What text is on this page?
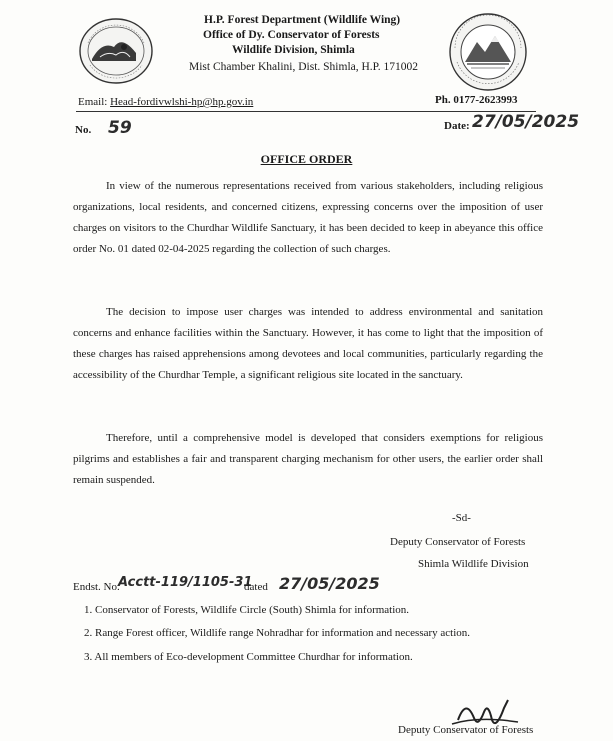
H.P. Forest Department (Wildlife Wing)
Office of Dy. Conservator of Forests
Wildlife Division, Shimla
Mist Chamber Khalini, Dist. Shimla, H.P. 171002
Email: Head-fordivwlshi-hp@hp.gov.in	Ph. 0177-2623993
No. 59	Date: 27/05/2025
OFFICE ORDER

In view of the numerous representations received from various stakeholders, including religious organizations, local residents, and concerned citizens, expressing concerns over the imposition of user charges on visitors to the Churdhar Wildlife Sanctuary, it has been decided to keep in abeyance this office order No. 01 dated 02-04-2025 regarding the collection of such charges.

The decision to impose user charges was intended to address environmental and sanitation concerns and enhance facilities within the Sanctuary. However, it has come to light that the imposition of these charges has raised apprehensions among devotees and local communities, particularly regarding the accessibility of the Churdhar Temple, a significant religious site located in the sanctuary.

Therefore, until a comprehensive model is developed that considers exemptions for religious pilgrims and establishes a fair and transparent charging mechanism for other users, the earlier order shall remain suspended.

-Sd-
Deputy Conservator of Forests
Shimla Wildlife Division
Endst. No.
Acctt-119/1105-31
dated 27/05/2025
1. Conservator of Forests, Wildlife Circle (South) Shimla for information.
2. Range Forest officer, Wildlife range Nohradhar for information and necessary action.
3. All members of Eco-development Committee Churdhar for information.
Deputy Conservator of Forests
